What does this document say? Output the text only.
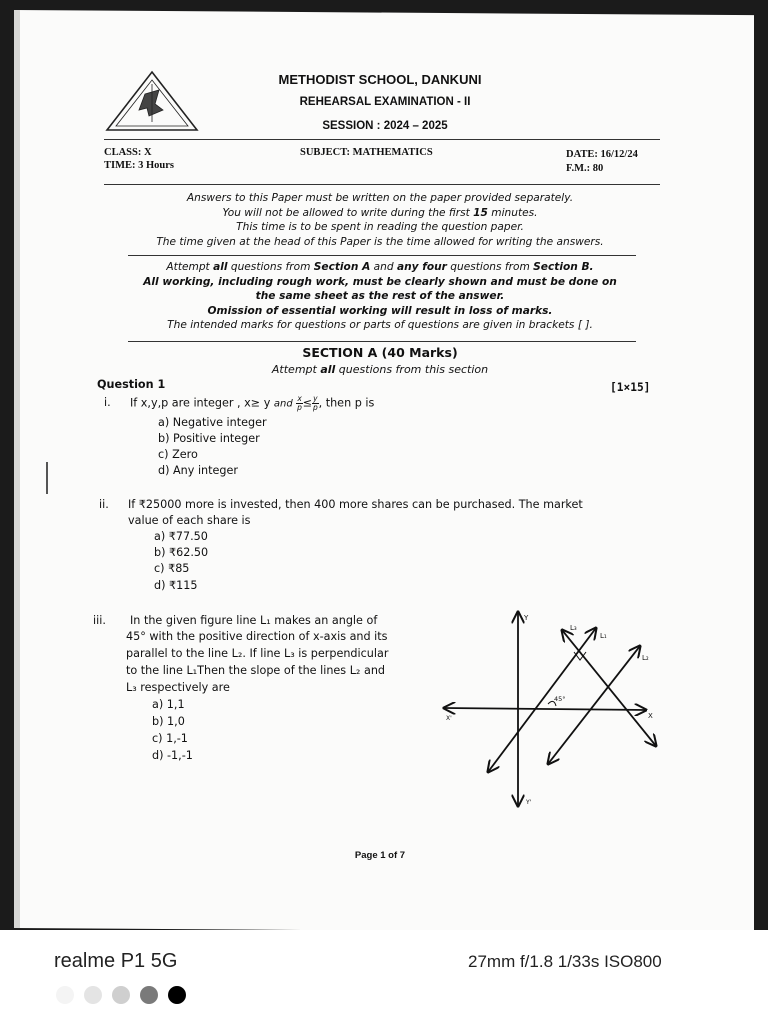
METHODIST SCHOOL, DANKUNI
REHEARSAL EXAMINATION - II
SESSION : 2024 – 2025
CLASS: X
TIME: 3 Hours
SUBJECT: MATHEMATICS	DATE: 16/12/24
F.M.: 80

Answers to this Paper must be written on the paper provided separately.

You will not be allowed to write during the first 15 minutes.

This time is to be spent in reading the question paper.

The time given at the head of this Paper is the time allowed for writing the answers.

Attempt all questions from Section A and any four questions from Section B.

All working, including rough work, must be clearly shown and must be done on

the same sheet as the rest of the answer.

Omission of essential working will result in loss of marks.

The intended marks for questions or parts of questions are given in brackets [ ].

SECTION A (40 Marks)
Attempt all questions from this section
Question 1	[1×15]
i. If x,y,p are integer , x≥ y and $\frac{x}{p} \le \frac{y}{p}$ , then p is
a) Negative integer
b) Positive integer
c) Zero
d) Any integer
ii. If ₹25000 more is invested, then 400 more shares can be purchased. The market
value of each share is
a) ₹77.50
b) ₹62.50
c) ₹85
d) ₹115
iii. In the given figure line L₁ makes an angle of
45° with the positive direction of x-axis and its
parallel to the line L₂. If line L₃ is perpendicular
to the line L₁Then the slope of the lines L₂ and
L₃ respectively are
a) 1,1
b) 1,0
c) 1,-1
d) -1,-1
Y
Y'
X
X'
45°
L₁
L₂
L₃
Page 1 of 7
realme P1 5G	27mm f/1.8 1/33s ISO800
